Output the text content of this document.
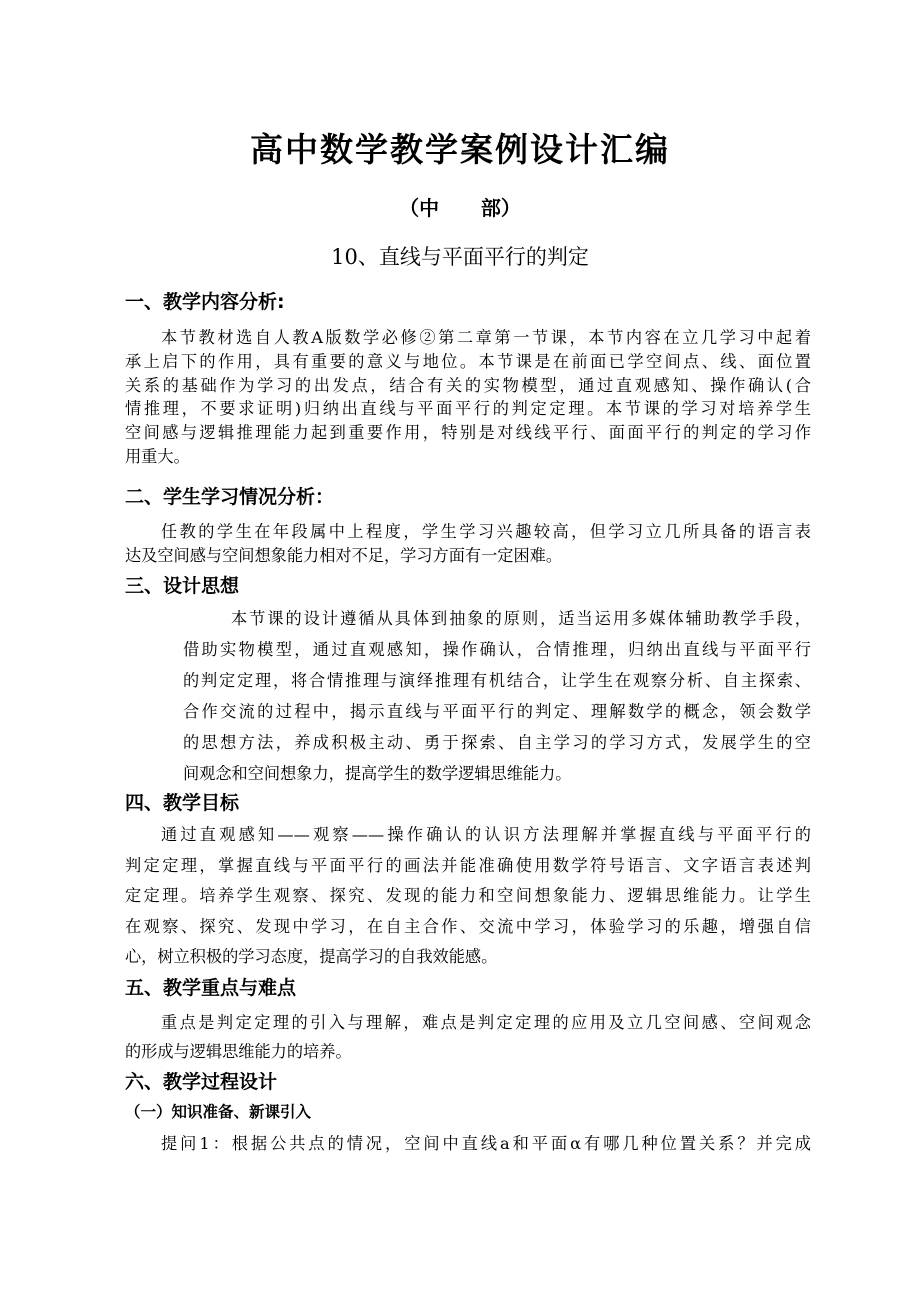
高中数学教学案例设计汇编
（中      部）
10、直线与平面平行的判定
一、教学内容分析:
本节教材选自人教A版数学必修②第二章第一节课，本节内容在立几学习中起着
承上启下的作用，具有重要的意义与地位。本节课是在前面已学空间点、线、面位置
关系的基础作为学习的出发点，结合有关的实物模型，通过直观感知、操作确认(合
情推理，不要求证明)归纳出直线与平面平行的判定定理。本节课的学习对培养学生
空间感与逻辑推理能力起到重要作用，特别是对线线平行、面面平行的判定的学习作
用重大。
二、学生学习情况分析：
任教的学生在年段属中上程度，学生学习兴趣较高，但学习立几所具备的语言表
达及空间感与空间想象能力相对不足，学习方面有一定困难。
三、设计思想
本节课的设计遵循从具体到抽象的原则，适当运用多媒体辅助教学手段，
借助实物模型，通过直观感知，操作确认，合情推理，归纳出直线与平面平行
的判定定理，将合情推理与演绎推理有机结合，让学生在观察分析、自主探索、
合作交流的过程中，揭示直线与平面平行的判定、理解数学的概念，领会数学
的思想方法，养成积极主动、勇于探索、自主学习的学习方式，发展学生的空
间观念和空间想象力，提高学生的数学逻辑思维能力。
四、教学目标
通过直观感知——观察——操作确认的认识方法理解并掌握直线与平面平行的
判定定理，掌握直线与平面平行的画法并能准确使用数学符号语言、文字语言表述判
定定理。培养学生观察、探究、发现的能力和空间想象能力、逻辑思维能力。让学生
在观察、探究、发现中学习，在自主合作、交流中学习，体验学习的乐趣，增强自信
心，树立积极的学习态度，提高学习的自我效能感。
五、教学重点与难点
重点是判定定理的引入与理解，难点是判定定理的应用及立几空间感、空间观念
的形成与逻辑思维能力的培养。
六、教学过程设计
（一）知识准备、新课引入
提问1：根据公共点的情况，空间中直线a和平面α有哪几种位置关系？并完成
